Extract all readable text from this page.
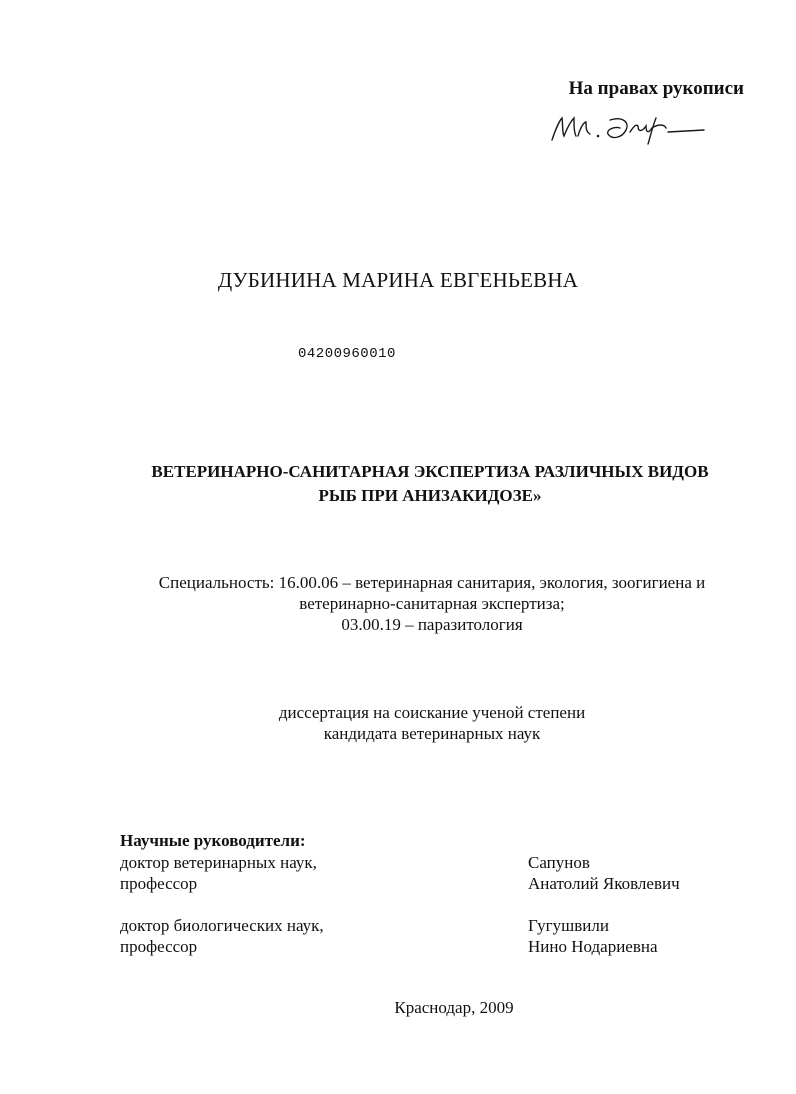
На правах рукописи
ДУБИНИНА МАРИНА ЕВГЕНЬЕВНА
04200960010
ВЕТЕРИНАРНО-САНИТАРНАЯ ЭКСПЕРТИЗА РАЗЛИЧНЫХ ВИДОВ
РЫБ ПРИ АНИЗАКИДОЗЕ»
Специальность: 16.00.06 – ветеринарная санитария, экология, зоогигиена и
ветеринарно-санитарная экспертиза;
03.00.19 – паразитология
диссертация на соискание ученой степени
кандидата ветеринарных наук
Научные руководители:
доктор ветеринарных наук,
профессор
Сапунов
Анатолий Яковлевич
доктор биологических наук,
профессор
Гугушвили
Нино Нодариевна
Краснодар, 2009
